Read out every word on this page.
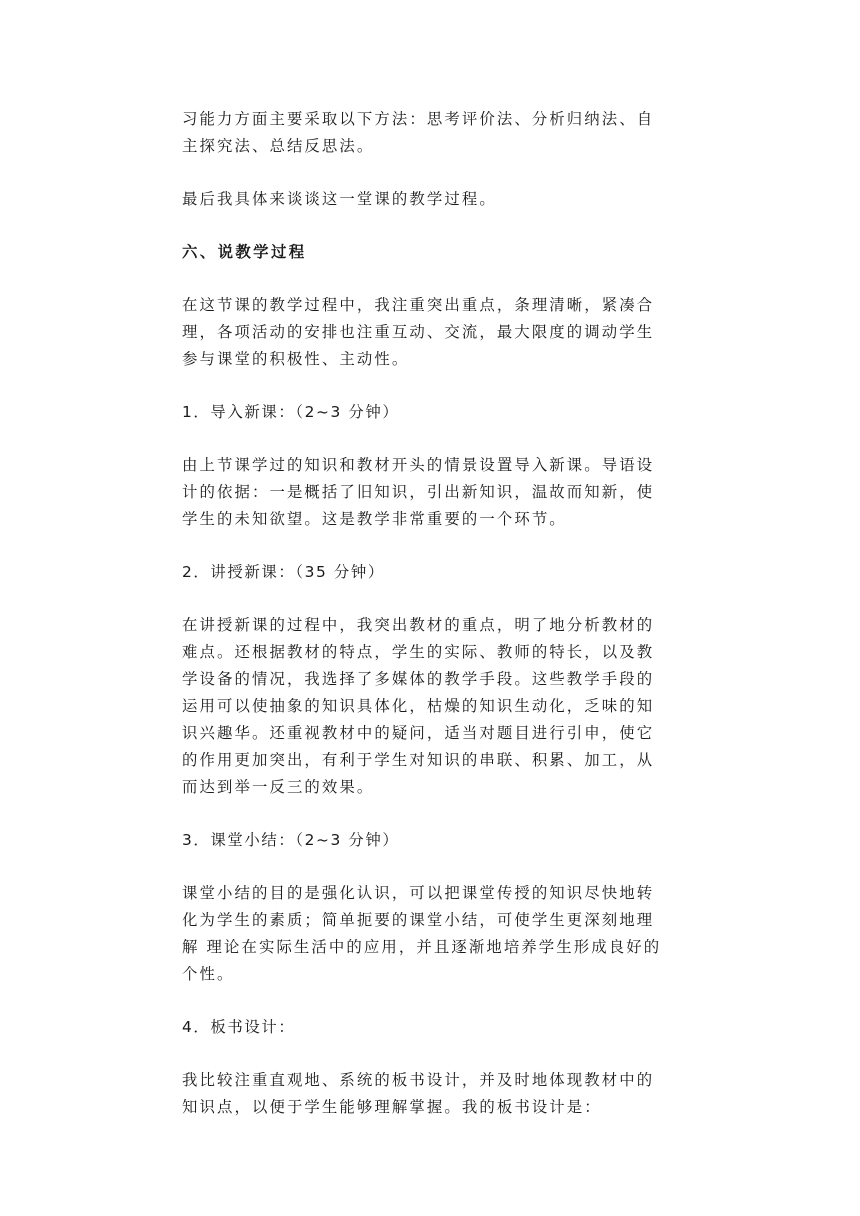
习能力方面主要采取以下方法：思考评价法、分析归纳法、自
主探究法、总结反思法。

最后我具体来谈谈这一堂课的教学过程。

六、说教学过程

在这节课的教学过程中，我注重突出重点，条理清晰，紧凑合
理，各项活动的安排也注重互动、交流，最大限度的调动学生
参与课堂的积极性、主动性。

1．导入新课：（2~3 分钟）

由上节课学过的知识和教材开头的情景设置导入新课。导语设
计的依据：一是概括了旧知识，引出新知识，温故而知新，使
学生的未知欲望。这是教学非常重要的一个环节。

2．讲授新课：（35 分钟）

在讲授新课的过程中，我突出教材的重点，明了地分析教材的
难点。还根据教材的特点，学生的实际、教师的特长，以及教
学设备的情况，我选择了多媒体的教学手段。这些教学手段的
运用可以使抽象的知识具体化，枯燥的知识生动化，乏味的知
识兴趣华。还重视教材中的疑问，适当对题目进行引申，使它
的作用更加突出，有利于学生对知识的串联、积累、加工，从
而达到举一反三的效果。

3．课堂小结：（2~3 分钟）

课堂小结的目的是强化认识，可以把课堂传授的知识尽快地转
化为学生的素质；简单扼要的课堂小结，可使学生更深刻地理
解 理论在实际生活中的应用，并且逐渐地培养学生形成良好的
个性。

4．板书设计：

我比较注重直观地、系统的板书设计，并及时地体现教材中的
知识点，以便于学生能够理解掌握。我的板书设计是：
